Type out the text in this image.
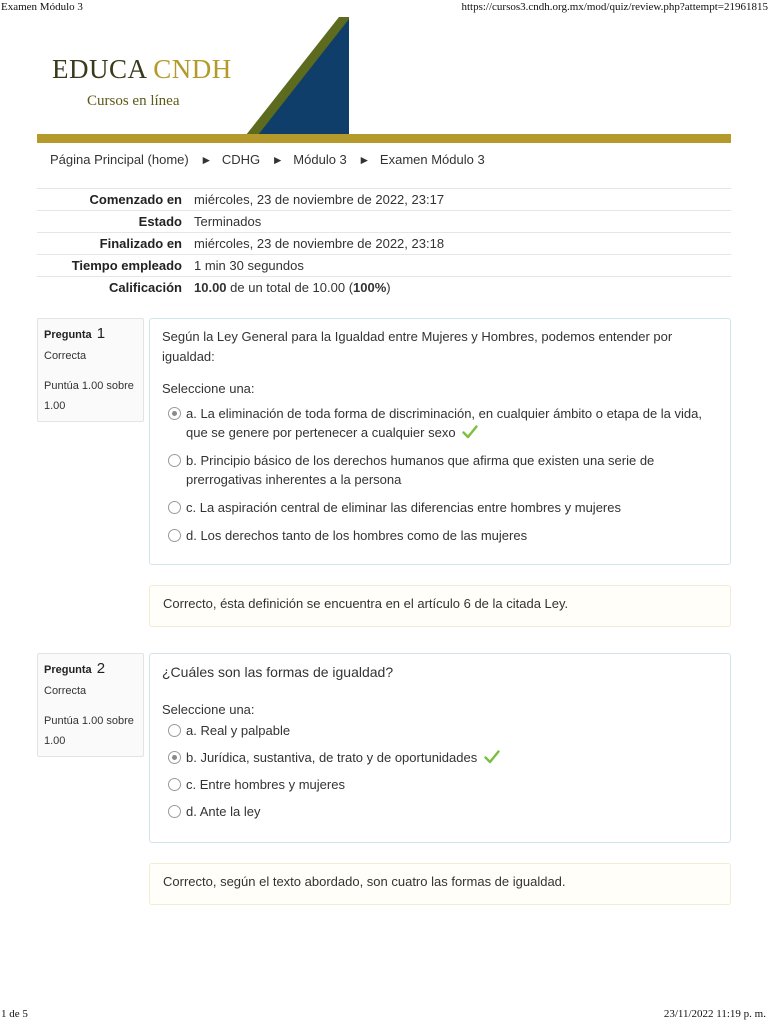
Examen Módulo 3	https://cursos3.cndh.org.mx/mod/quiz/review.php?attempt=21961815
EDUCA CNDH
Cursos en línea
Página Principal (home) ► CDHG ► Módulo 3 ► Examen Módulo 3
Comenzado en	miércoles, 23 de noviembre de 2022, 23:17
Estado	Terminados
Finalizado en	miércoles, 23 de noviembre de 2022, 23:18
Tiempo empleado	1 min 30 segundos
Calificación	10.00 de un total de 10.00 (100%)
Pregunta 1
Correcta
Puntúa 1.00 sobre 1.00
Según la Ley General para la Igualdad entre Mujeres y Hombres, podemos entender por igualdad:
Seleccione una:
a. La eliminación de toda forma de discriminación, en cualquier ámbito o etapa de la vida, que se genere por pertenecer a cualquier sexo
b. Principio básico de los derechos humanos que afirma que existen una serie de prerrogativas inherentes a la persona
c. La aspiración central de eliminar las diferencias entre hombres y mujeres
d. Los derechos tanto de los hombres como de las mujeres
Correcto, ésta definición se encuentra en el artículo 6 de la citada Ley.
Pregunta 2
Correcta
Puntúa 1.00 sobre 1.00
¿Cuáles son las formas de igualdad?
Seleccione una:
a. Real y palpable
b. Jurídica, sustantiva, de trato y de oportunidades
c. Entre hombres y mujeres
d. Ante la ley
Correcto, según el texto abordado, son cuatro las formas de igualdad.
1 de 5	23/11/2022 11:19 p. m.
